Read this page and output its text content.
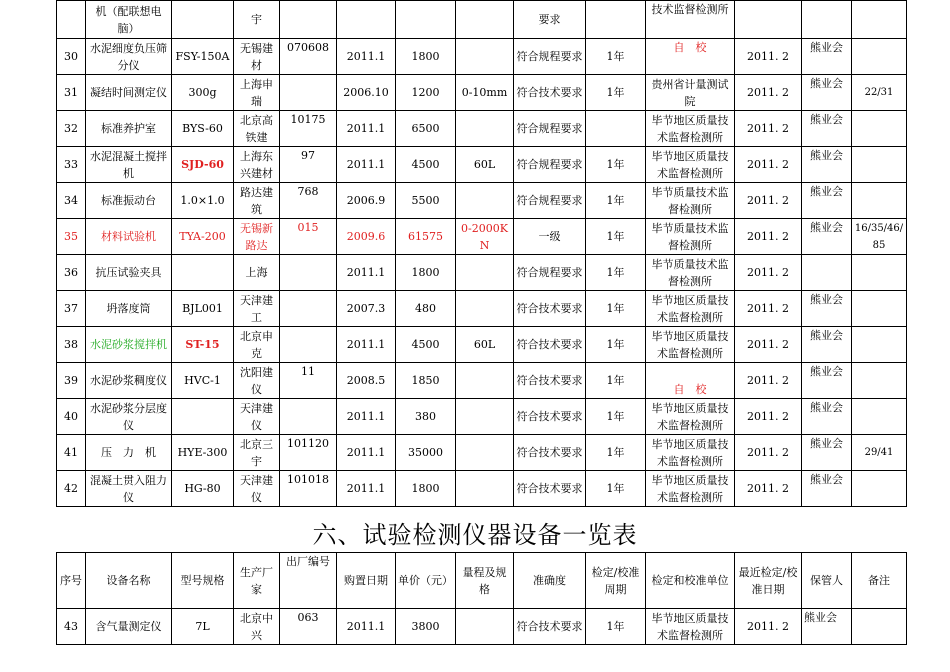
	机（配联想电脑）		宇					要求		技术监督检测所			
30	水泥细度负压筛分仪	FSY-150A	无锡建材	070608	2011.1	1800		符合规程要求	1年	自　校	2011. 2	熊业会	
31	凝结时间测定仪	300g	上海申瑞		2006.10	1200	0-10mm	符合技术要求	1年	贵州省计量测试院	2011. 2	熊业会	22/31
32	标准养护室	BYS-60	北京高铁建	10175	2011.1	6500		符合规程要求		毕节地区质量技术监督检测所	2011. 2	熊业会	
33	水泥混凝土搅拌机	SJD-60	上海东兴建材	97	2011.1	4500	60L	符合规程要求	1年	毕节地区质量技术监督检测所	2011. 2	熊业会	
34	标准振动台	1.0×1.0	路达建筑	768	2006.9	5500		符合规程要求	1年	毕节质量技术监督检测所	2011. 2	熊业会	
35	材料试验机	TYA-200	无锡新路达	015	2009.6	61575	0-2000KN	一级	1年	毕节质量技术监督检测所	2011. 2	熊业会	16/35/46/85
36	抗压试验夹具		上海		2011.1	1800		符合规程要求	1年	毕节质量技术监督检测所	2011. 2		
37	坍落度筒	BJL001	天津建工		2007.3	480		符合技术要求	1年	毕节地区质量技术监督检测所	2011. 2	熊业会	
38	水泥砂浆搅拌机	ST-15	北京申克		2011.1	4500	60L	符合技术要求	1年	毕节地区质量技术监督检测所	2011. 2	熊业会	
39	水泥砂浆稠度仪	HVC-1	沈阳建仪	11	2008.5	1850		符合技术要求	1年	自　校	2011. 2	熊业会	
40	水泥砂浆分层度仪		天津建仪		2011.1	380		符合技术要求	1年	毕节地区质量技术监督检测所	2011. 2	熊业会	
41	压　力　机	HYE-300	北京三宇	101120	2011.1	35000		符合技术要求	1年	毕节地区质量技术监督检测所	2011. 2	熊业会	29/41
42	混凝土贯入阻力仪	HG-80	天津建仪	101018	2011.1	1800		符合技术要求	1年	毕节地区质量技术监督检测所	2011. 2	熊业会	
六、试验检测仪器设备一览表
序号	设备名称	型号规格	生产厂家	出厂编号	购置日期	单价（元）	量程及规格	准确度	检定/校准周期	检定和校准单位	最近检定/校准日期	保管人	备注
43	含气量测定仪	7L	北京中兴	063	2011.1	3800		符合技术要求	1年	毕节地区质量技术监督检测所	2011. 2	熊业会	
